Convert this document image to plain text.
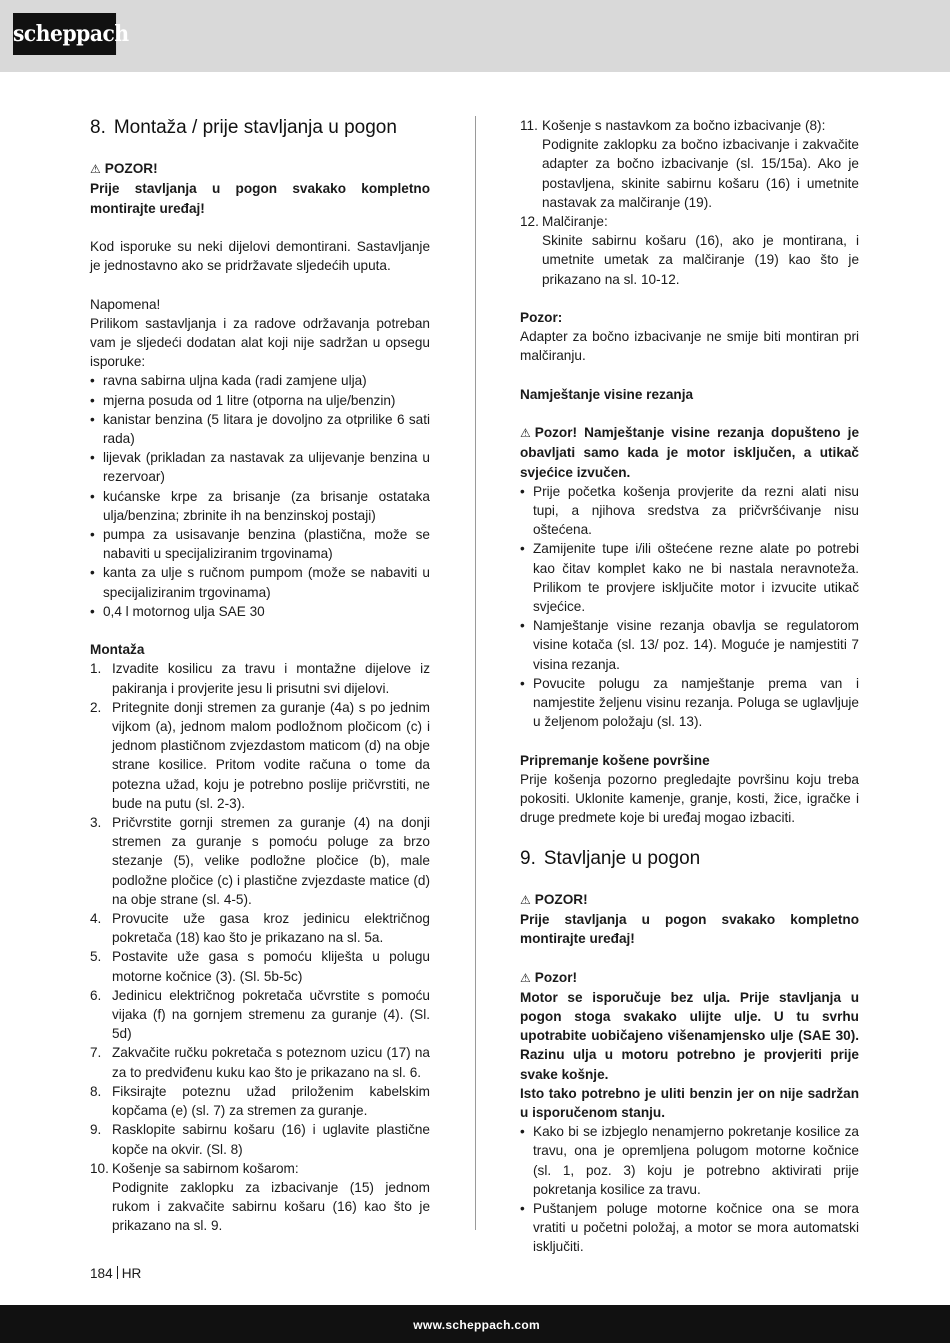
scheppach
8. Montaža / prije stavljanja u pogon
⚠ POZOR!
Prije stavljanja u pogon svakako kompletno montirajte uređaj!
Kod isporuke su neki dijelovi demontirani. Sastavljanje je jednostavno ako se pridržavate sljedećih uputa.
Napomena!
Prilikom sastavljanja i za radove održavanja potreban vam je sljedeći dodatan alat koji nije sadržan u opsegu isporuke:
• ravna sabirna uljna kada (radi zamjene ulja)
• mjerna posuda od 1 litre (otporna na ulje/benzin)
• kanistar benzina (5 litara je dovoljno za otprilike 6 sati rada)
• lijevak (prikladan za nastavak za ulijevanje benzina u rezervoar)
• kućanske krpe za brisanje (za brisanje ostataka ulja/benzina; zbrinite ih na benzinskoj postaji)
• pumpa za usisavanje benzina (plastična, može se nabaviti u specijaliziranim trgovinama)
• kanta za ulje s ručnom pumpom (može se nabaviti u specijaliziranim trgovinama)
• 0,4 l motornog ulja SAE 30
Montaža
1. Izvadite kosilicu za travu i montažne dijelove iz pakiranja i provjerite jesu li prisutni svi dijelovi.
2. Pritegnite donji stremen za guranje (4a) s po jednim vijkom (a), jednom malom podložnom pločicom (c) i jednom plastičnom zvjezdastom maticom (d) na obje strane kosilice. Pritom vodite računa o tome da potezna užad, koju je potrebno poslije pričvrstiti, ne bude na putu (sl. 2-3).
3. Pričvrstite gornji stremen za guranje (4) na donji stremen za guranje s pomoću poluge za brzo stezanje (5), velike podložne pločice (b), male podložne pločice (c) i plastične zvjezdaste matice (d) na obje strane (sl. 4-5).
4. Provucite uže gasa kroz jedinicu električnog pokretača (18) kao što je prikazano na sl. 5a.
5. Postavite uže gasa s pomoću kliješta u polugu motorne kočnice (3). (Sl. 5b-5c)
6. Jedinicu električnog pokretača učvrstite s pomoću vijaka (f) na gornjem stremenu za guranje (4). (Sl. 5d)
7. Zakvačite ručku pokretača s poteznom uzicu (17) na za to predviđenu kuku kao što je prikazano na sl. 6.
8. Fiksirajte poteznu užad priloženim kabelskim kopčama (e) (sl. 7) za stremen za guranje.
9. Rasklopite sabirnu košaru (16) i uglavite plastične kopče na okvir. (Sl. 8)
10. Košenje sa sabirnom košarom:
Podignite zaklopku za izbacivanje (15) jednom rukom i zakvačite sabirnu košaru (16) kao što je prikazano na sl. 9.
11. Košenje s nastavkom za bočno izbacivanje (8):
Podignite zaklopku za bočno izbacivanje i zakvačite adapter za bočno izbacivanje (sl. 15/15a). Ako je postavljena, skinite sabirnu košaru (16) i umetnite nastavak za malčiranje (19).
12. Malčiranje:
Skinite sabirnu košaru (16), ako je montirana, i umetnite umetak za malčiranje (19) kao što je prikazano na sl. 10-12.
Pozor:
Adapter za bočno izbacivanje ne smije biti montiran pri malčiranju.
Namještanje visine rezanja
⚠ Pozor! Namještanje visine rezanja dopušteno je obavljati samo kada je motor isključen, a utikač svjećice izvučen.
• Prije početka košenja provjerite da rezni alati nisu tupi, a njihova sredstva za pričvršćivanje nisu oštećena.
• Zamijenite tupe i/ili oštećene rezne alate po potrebi kao čitav komplet kako ne bi nastala neravnoteža. Prilikom te provjere isključite motor i izvucite utikač svjećice.
• Namještanje visine rezanja obavlja se regulatorom visine kotača (sl. 13/ poz. 14). Moguće je namjestiti 7 visina rezanja.
• Povucite polugu za namještanje prema van i namjestite željenu visinu rezanja. Poluga se uglavljuje u željenom položaju (sl. 13).
Pripremanje košene površine
Prije košenja pozorno pregledajte površinu koju treba pokositi. Uklonite kamenje, granje, kosti, žice, igračke i druge predmete koje bi uređaj mogao izbaciti.
9. Stavljanje u pogon
⚠ POZOR!
Prije stavljanja u pogon svakako kompletno montirajte uređaj!
⚠ Pozor!
Motor se isporučuje bez ulja. Prije stavljanja u pogon stoga svakako ulijte ulje. U tu svrhu upotrabite uobičajeno višenamjensko ulje (SAE 30). Razinu ulja u motoru potrebno je provjeriti prije svake košnje.
Isto tako potrebno je uliti benzin jer on nije sadržan u isporučenom stanju.
• Kako bi se izbjeglo nenamjerno pokretanje kosilice za travu, ona je opremljena polugom motorne kočnice (sl. 1, poz. 3) koju je potrebno aktivirati prije pokretanja kosilice za travu.
• Puštanjem poluge motorne kočnice ona se mora vratiti u početni položaj, a motor se mora automatski isključiti.
184 HR
www.scheppach.com
